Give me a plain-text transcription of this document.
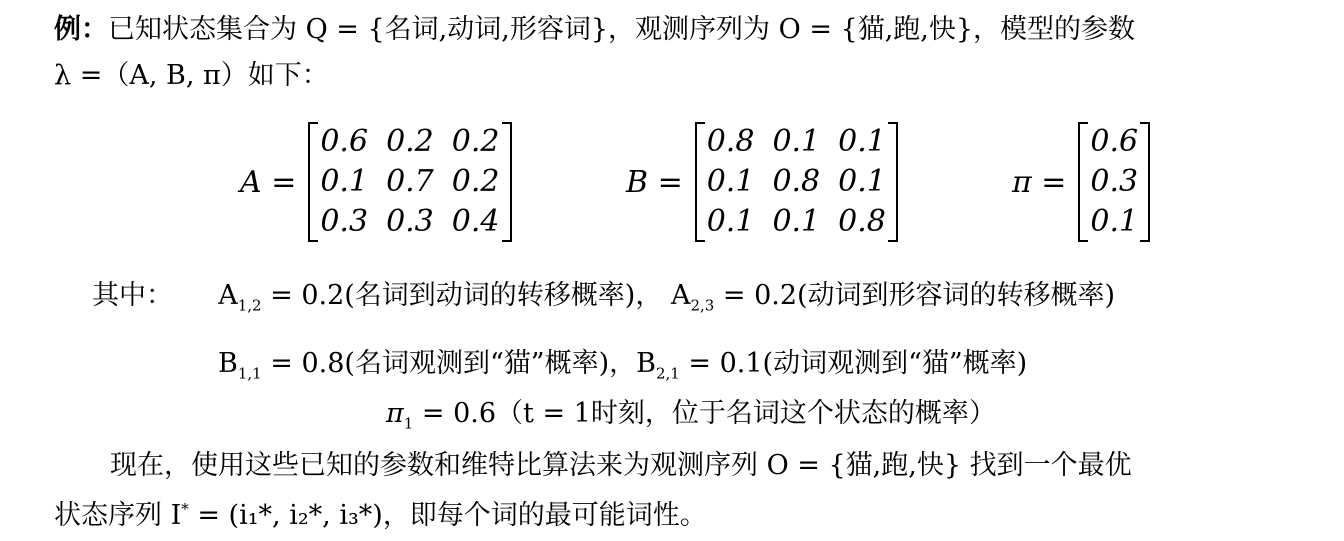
例：已知状态集合为 Q = {名词,动词,形容词}，观测序列为 O = {猫,跑,快}，模型的参数
λ =（A, B, π）如下：
A =
0.6	0.2	0.2
0.1	0.7	0.2
0.3	0.3	0.4
B =
0.8	0.1	0.1
0.1	0.8	0.1
0.1	0.1	0.8
π =
0.6
0.3
0.1
其中： $A_{1,2} = 0.2$(名词到动词的转移概率)， $A_{2,3} = 0.2$(动词到形容词的转移概率)
$B_{1,1} = 0.8$(名词观测到“猫”概率)，$B_{2,1} = 0.1$(动词观测到“猫”概率)
$\pi_1 = 0.6(t = 1$时刻，位于名词这个状态的概率）
现在，使用这些已知的参数和维特比算法来为观测序列 O = {猫,跑,快} 找到一个最优
状态序列 I* = (i₁*, i₂*, i₃*)，即每个词的最可能词性。
